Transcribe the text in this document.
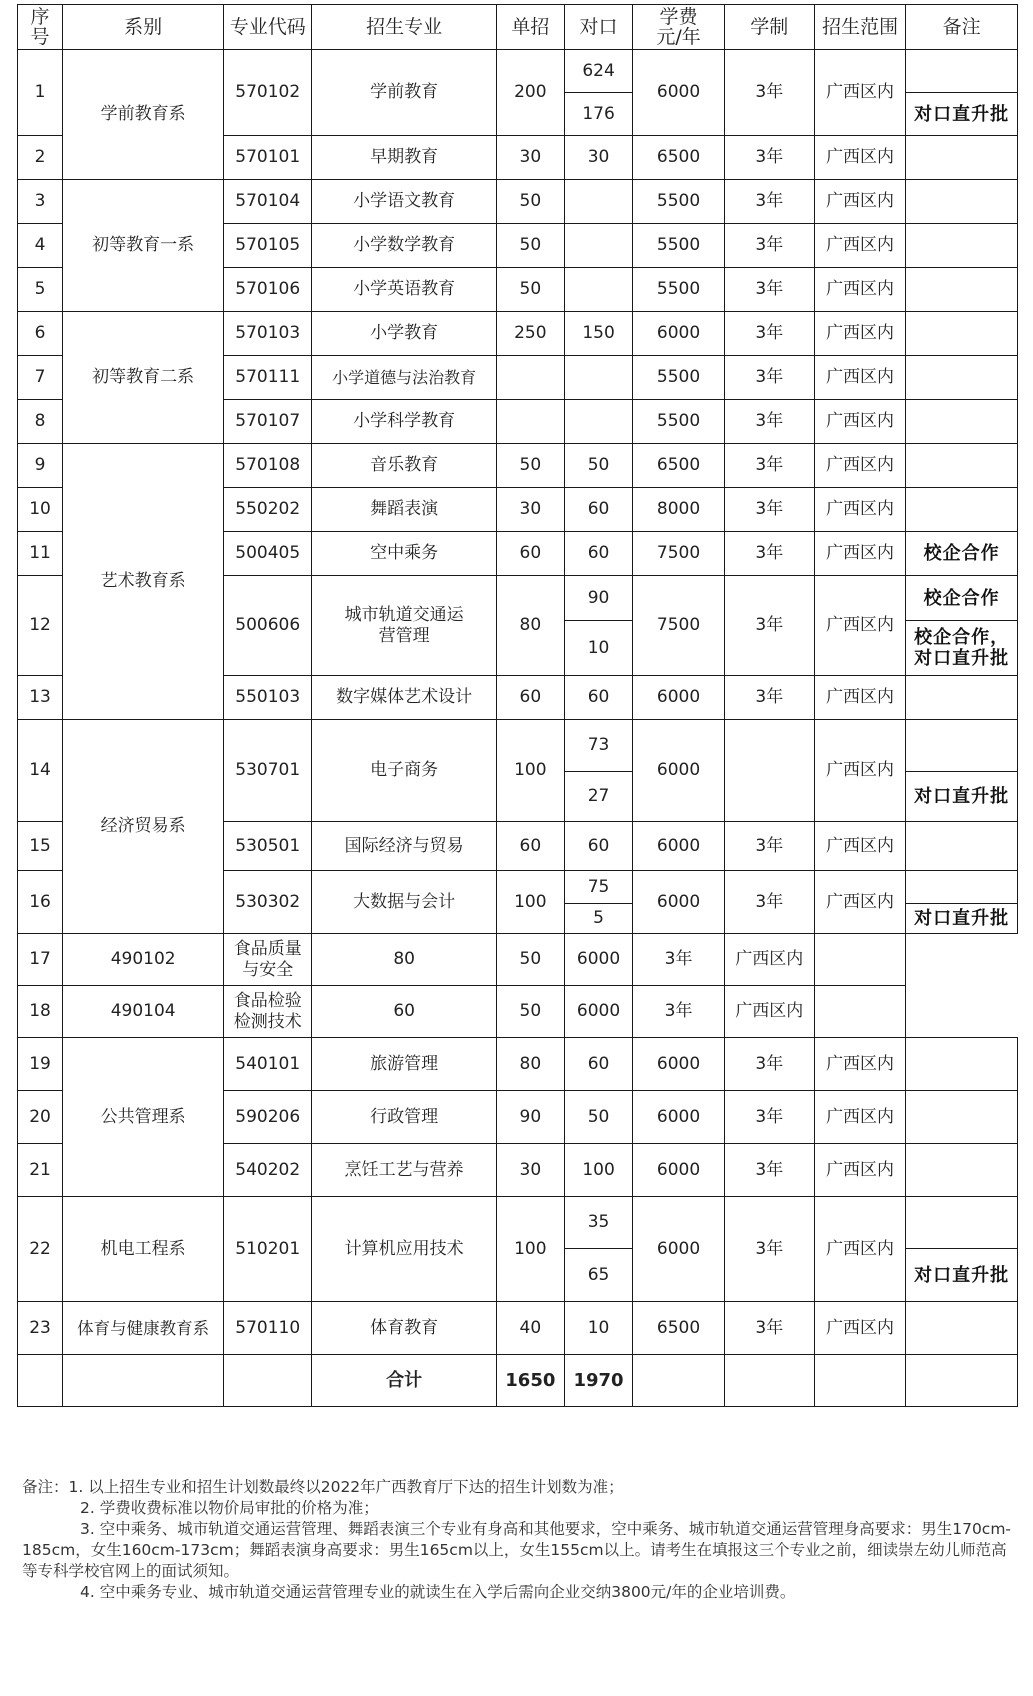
序号	系别	专业代码	招生专业	单招	对口	学费元/年	学制	招生范围	备注
1	学前教育系	570102	学前教育	200	624	6000	3年	广西区内	
					176				对口直升批
2		570101	早期教育	30	30	6500	3年	广西区内	
3	初等教育一系	570104	小学语文教育	50		5500	3年	广西区内	
4		570105	小学数学教育	50		5500	3年	广西区内	
5		570106	小学英语教育	50		5500	3年	广西区内	
6	初等教育二系	570103	小学教育	250	150	6000	3年	广西区内	
7		570111	小学道德与法治教育			5500	3年	广西区内	
8		570107	小学科学教育			5500	3年	广西区内	
9	艺术教育系	570108	音乐教育	50	50	6500	3年	广西区内	
10		550202	舞蹈表演	30	60	8000	3年	广西区内	
11		500405	空中乘务	60	60	7500	3年	广西区内	校企合作
12		500606	城市轨道交通运营管理	80	90	7500	3年	广西区内	校企合作
					10				校企合作，对口直升批
13		550103	数字媒体艺术设计	60	60	6000	3年	广西区内	
14	经济贸易系	530701	电子商务	100	73	6000		广西区内	
					27				对口直升批
15		530501	国际经济与贸易	60	60	6000	3年	广西区内	
16		530302	大数据与会计	100	75	6000	3年	广西区内	
					5				对口直升批
17	490102	食品质量与安全	80	50	6000	3年	广西区内		
18	490104	食品检验检测技术	60	50	6000	3年	广西区内		
19	公共管理系	540101	旅游管理	80	60	6000	3年	广西区内	
20		590206	行政管理	90	50	6000	3年	广西区内	
21		540202	烹饪工艺与营养	30	100	6000	3年	广西区内	
22	机电工程系	510201	计算机应用技术	100	35	6000	3年	广西区内	
					65				对口直升批
23	体育与健康教育系	570110	体育教育	40	10	6500	3年	广西区内	
			合计	1650	1970				

备注：1. 以上招生专业和招生计划数最终以2022年广西教育厅下达的招生计划数为准；

2. 学费收费标准以物价局审批的价格为准；

3. 空中乘务、城市轨道交通运营管理、舞蹈表演三个专业有身高和其他要求，空中乘务、城市轨道交通运营管理身高要求：男生170cm-185cm，女生160cm-173cm；舞蹈表演身高要求：男生165cm以上，女生155cm以上。请考生在填报这三个专业之前，细读崇左幼儿师范高等专科学校官网上的面试须知。

4. 空中乘务专业、城市轨道交通运营管理专业的就读生在入学后需向企业交纳3800元/年的企业培训费。
